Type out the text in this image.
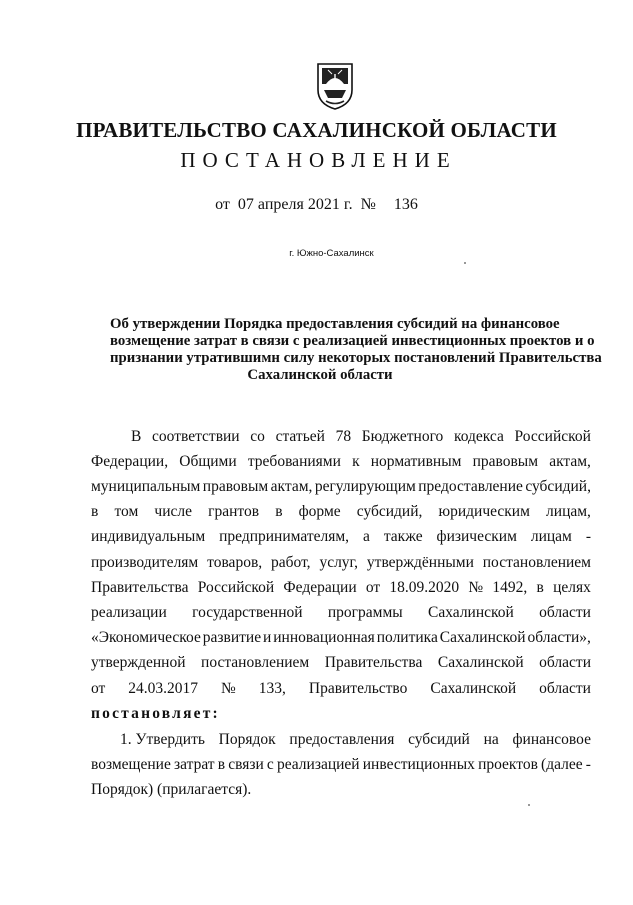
ПРАВИТЕЛЬСТВО САХАЛИНСКОЙ ОБЛАСТИ
ПОСТАНОВЛЕНИЕ
от 07 апреля 2021 г. № 136
г. Южно-Сахалинск
Об утверждении Порядка предоставления субсидий на финансовое
возмещение затрат в связи с реализацией инвестиционных проектов и о
признании утратившимн силу некоторых постановлений Правительства
Сахалинской области
В соответствии со статьей 78 Бюджетного кодекса Российской
Федерации, Общими требованиями к нормативным правовым актам,
муниципальным правовым актам, регулирующим предоставление субсидий,
в том числе грантов в форме субсидий, юридическим лицам,
индивидуальным предпринимателям, а также физическим лицам -
производителям товаров, работ, услуг, утверждёнными постановлением
Правительства Российской Федерации от 18.09.2020 № 1492, в целях
реализации государственной программы Сахалинской области
«Экономическое развитие и инновационная политика Сахалинской области»,
утвержденной постановлением Правительства Сахалинской области
от 24.03.2017 № 133, Правительство Сахалинской области
постановляет:
1. Утвердить Порядок предоставления субсидий на финансовое
возмещение затрат в связи с реализацией инвестиционных проектов (далее -
Порядок) (прилагается).
